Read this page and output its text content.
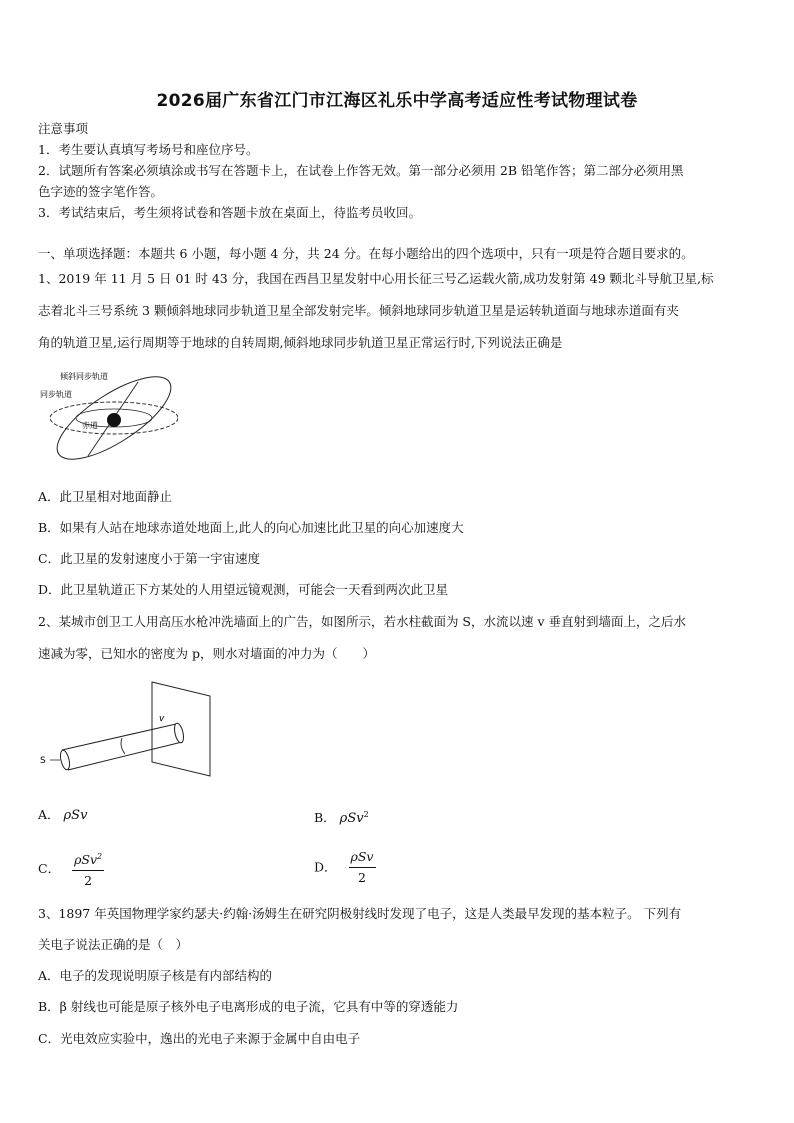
2026届广东省江门市江海区礼乐中学高考适应性考试物理试卷
注意事项
1．考生要认真填写考场号和座位序号。
2．试题所有答案必须填涂或书写在答题卡上，在试卷上作答无效。第一部分必须用 2B 铅笔作答；第二部分必须用黑
色字迹的签字笔作答。
3．考试结束后，考生须将试卷和答题卡放在桌面上，待监考员收回。
一、单项选择题：本题共 6 小题，每小题 4 分，共 24 分。在每小题给出的四个选项中，只有一项是符合题目要求的。
1、2019 年 11 月 5 日 01 时 43 分，我国在西昌卫星发射中心用长征三号乙运载火箭,成功发射第 49 颗北斗导航卫星,标
志着北斗三号系统 3 颗倾斜地球同步轨道卫星全部发射完毕。倾斜地球同步轨道卫星是运转轨道面与地球赤道面有夹
角的轨道卫星,运行周期等于地球的自转周期,倾斜地球同步轨道卫星正常运行时,下列说法正确是
倾斜同步轨道
同步轨道
赤道
A．此卫星相对地面静止
B．如果有人站在地球赤道处地面上,此人的向心加速比此卫星的向心加速度大
C．此卫星的发射速度小于第一宇宙速度
D．此卫星轨道正下方某处的人用望远镜观测，可能会一天看到两次此卫星
2、某城市创卫工人用高压水枪冲洗墙面上的广告，如图所示，若水柱截面为 S，水流以速 v 垂直射到墙面上，之后水
速减为零，已知水的密度为 p，则水对墙面的冲力为（　　）
v
S
A． ρSv	B． ρSv$^2$
C． $\frac{\rho Sv^2}{2}$	D． $\frac{\text{ρSv}}{2}$
3、1897 年英国物理学家约瑟夫·约翰·汤姆生在研究阴极射线时发现了电子，这是人类最早发现的基本粒子。 下列有
关电子说法正确的是（　）
A．电子的发现说明原子核是有内部结构的
B．β 射线也可能是原子核外电子电离形成的电子流，它具有中等的穿透能力
C．光电效应实验中，逸出的光电子来源于金属中自由电子
